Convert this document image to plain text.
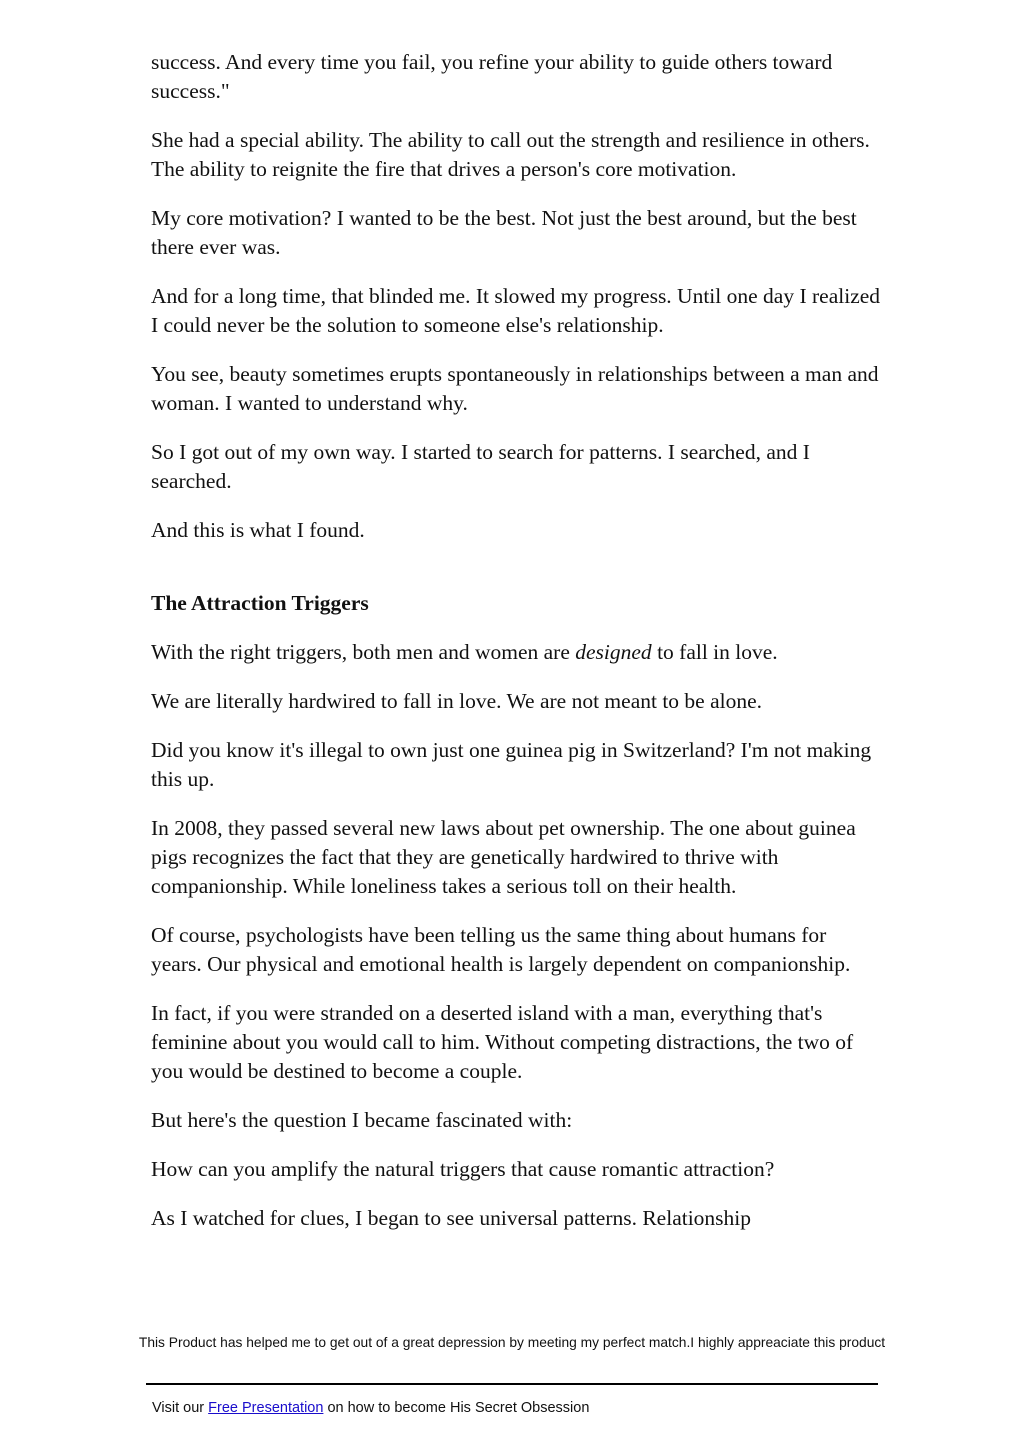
success. And every time you fail, you refine your ability to guide others toward success."

She had a special ability. The ability to call out the strength and resilience in others. The ability to reignite the fire that drives a person's core motivation.

My core motivation? I wanted to be the best. Not just the best around, but the best there ever was.

And for a long time, that blinded me. It slowed my progress. Until one day I realized I could never be the solution to someone else's relationship.

You see, beauty sometimes erupts spontaneously in relationships between a man and woman. I wanted to understand why.

So I got out of my own way. I started to search for patterns. I searched, and I searched.

And this is what I found.

The Attraction Triggers

With the right triggers, both men and women are designed to fall in love.

We are literally hardwired to fall in love. We are not meant to be alone.

Did you know it's illegal to own just one guinea pig in Switzerland? I'm not making this up.

In 2008, they passed several new laws about pet ownership. The one about guinea pigs recognizes the fact that they are genetically hardwired to thrive with companionship. While loneliness takes a serious toll on their health.

Of course, psychologists have been telling us the same thing about humans for years. Our physical and emotional health is largely dependent on companionship.

In fact, if you were stranded on a deserted island with a man, everything that's feminine about you would call to him. Without competing distractions, the two of you would be destined to become a couple.

But here's the question I became fascinated with:

How can you amplify the natural triggers that cause romantic attraction?

As I watched for clues, I began to see universal patterns. Relationship

This Product has helped me to get out of a great depression by meeting my perfect match.I highly appreaciate this product
Visit our Free Presentation on how to become His Secret Obsession
